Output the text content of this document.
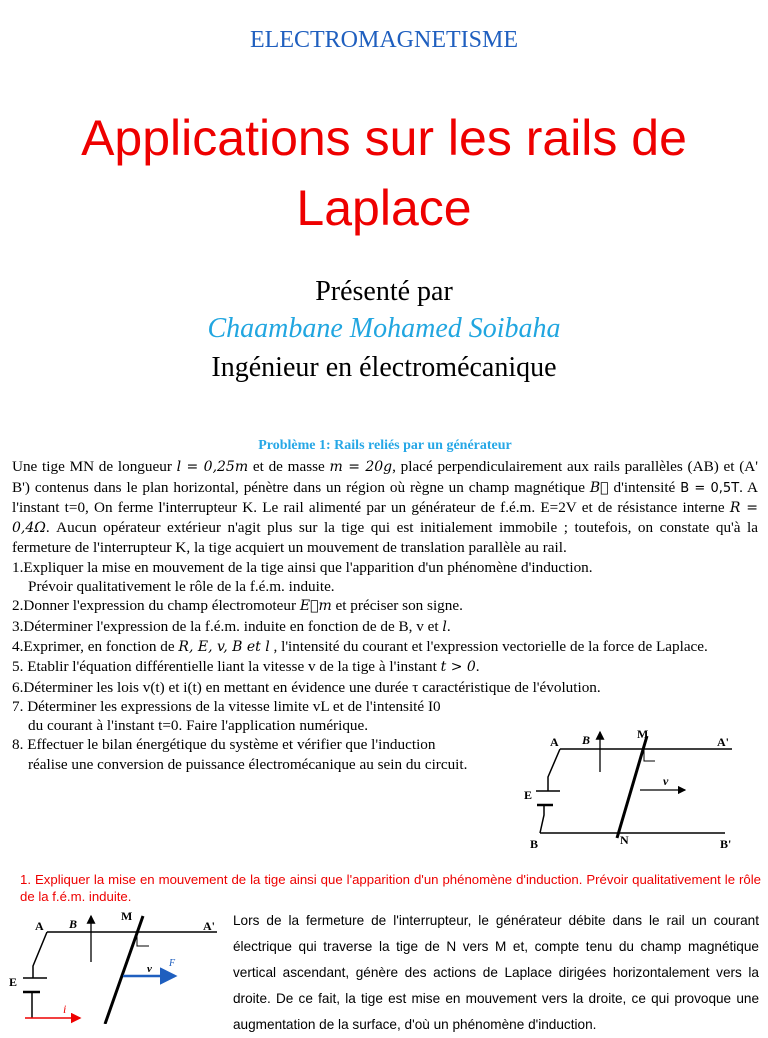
ELECTROMAGNETISME
Applications sur les rails de
Laplace
Présenté par
Chaambane Mohamed Soibaha
Ingénieur en électromécanique
Problème 1: Rails reliés par un générateur
Une tige MN de longueur l = 0,25m et de masse m = 20g, placé perpendiculairement aux rails parallèles (AB) et (A' B') contenus dans le plan horizontal, pénètre dans un région où règne un champ magnétique B⃗ d'intensité B = 0,5T. A l'instant t=0, On ferme l'interrupteur K. Le rail alimenté par un générateur de f.é.m. E=2V et de résistance interne R = 0,4Ω. Aucun opérateur extérieur n'agit plus sur la tige qui est initialement immobile ; toutefois, on constate qu'à la fermeture de l'interrupteur K, la tige acquiert un mouvement de translation parallèle au rail.
1.Expliquer la mise en mouvement de la tige ainsi que l'apparition d'un phénomène d'induction.
Prévoir qualitativement le rôle de la f.é.m. induite.
2.Donner l'expression du champ électromoteur E⃗m et préciser son signe.
3.Déterminer l'expression de la f.é.m. induite en fonction de de B, v et l.
4.Exprimer, en fonction de R, E, v, B et l , l'intensité du courant et l'expression vectorielle de la force de Laplace.
5. Etablir l'équation différentielle liant la vitesse v de la tige à l'instant t > 0.
6.Déterminer les lois v(t) et i(t) en mettant en évidence une durée τ caractéristique de l'évolution.
7. Déterminer les expressions de la vitesse limite vL et de l'intensité I0
du courant à l'instant t=0. Faire l'application numérique.
8. Effectuer le bilan énergétique du système et vérifier que l'induction
réalise une conversion de puissance électromécanique au sein du circuit.
A	A'
B	B'
M
N
E
B
v
1. Expliquer la mise en mouvement de la tige ainsi que l'apparition d'un phénomène d'induction. Prévoir qualitativement le rôle de la f.é.m. induite.
A	A'
M
E
B
v F
i
Lors de la fermeture de l'interrupteur, le générateur débite dans le rail un courant électrique qui traverse la tige de N vers M et, compte tenu du champ magnétique vertical ascendant, génère des actions de Laplace dirigées horizontalement vers la droite. De ce fait, la tige est mise en mouvement vers la droite, ce qui provoque une augmentation de la surface, d'où un phénomène d'induction.
